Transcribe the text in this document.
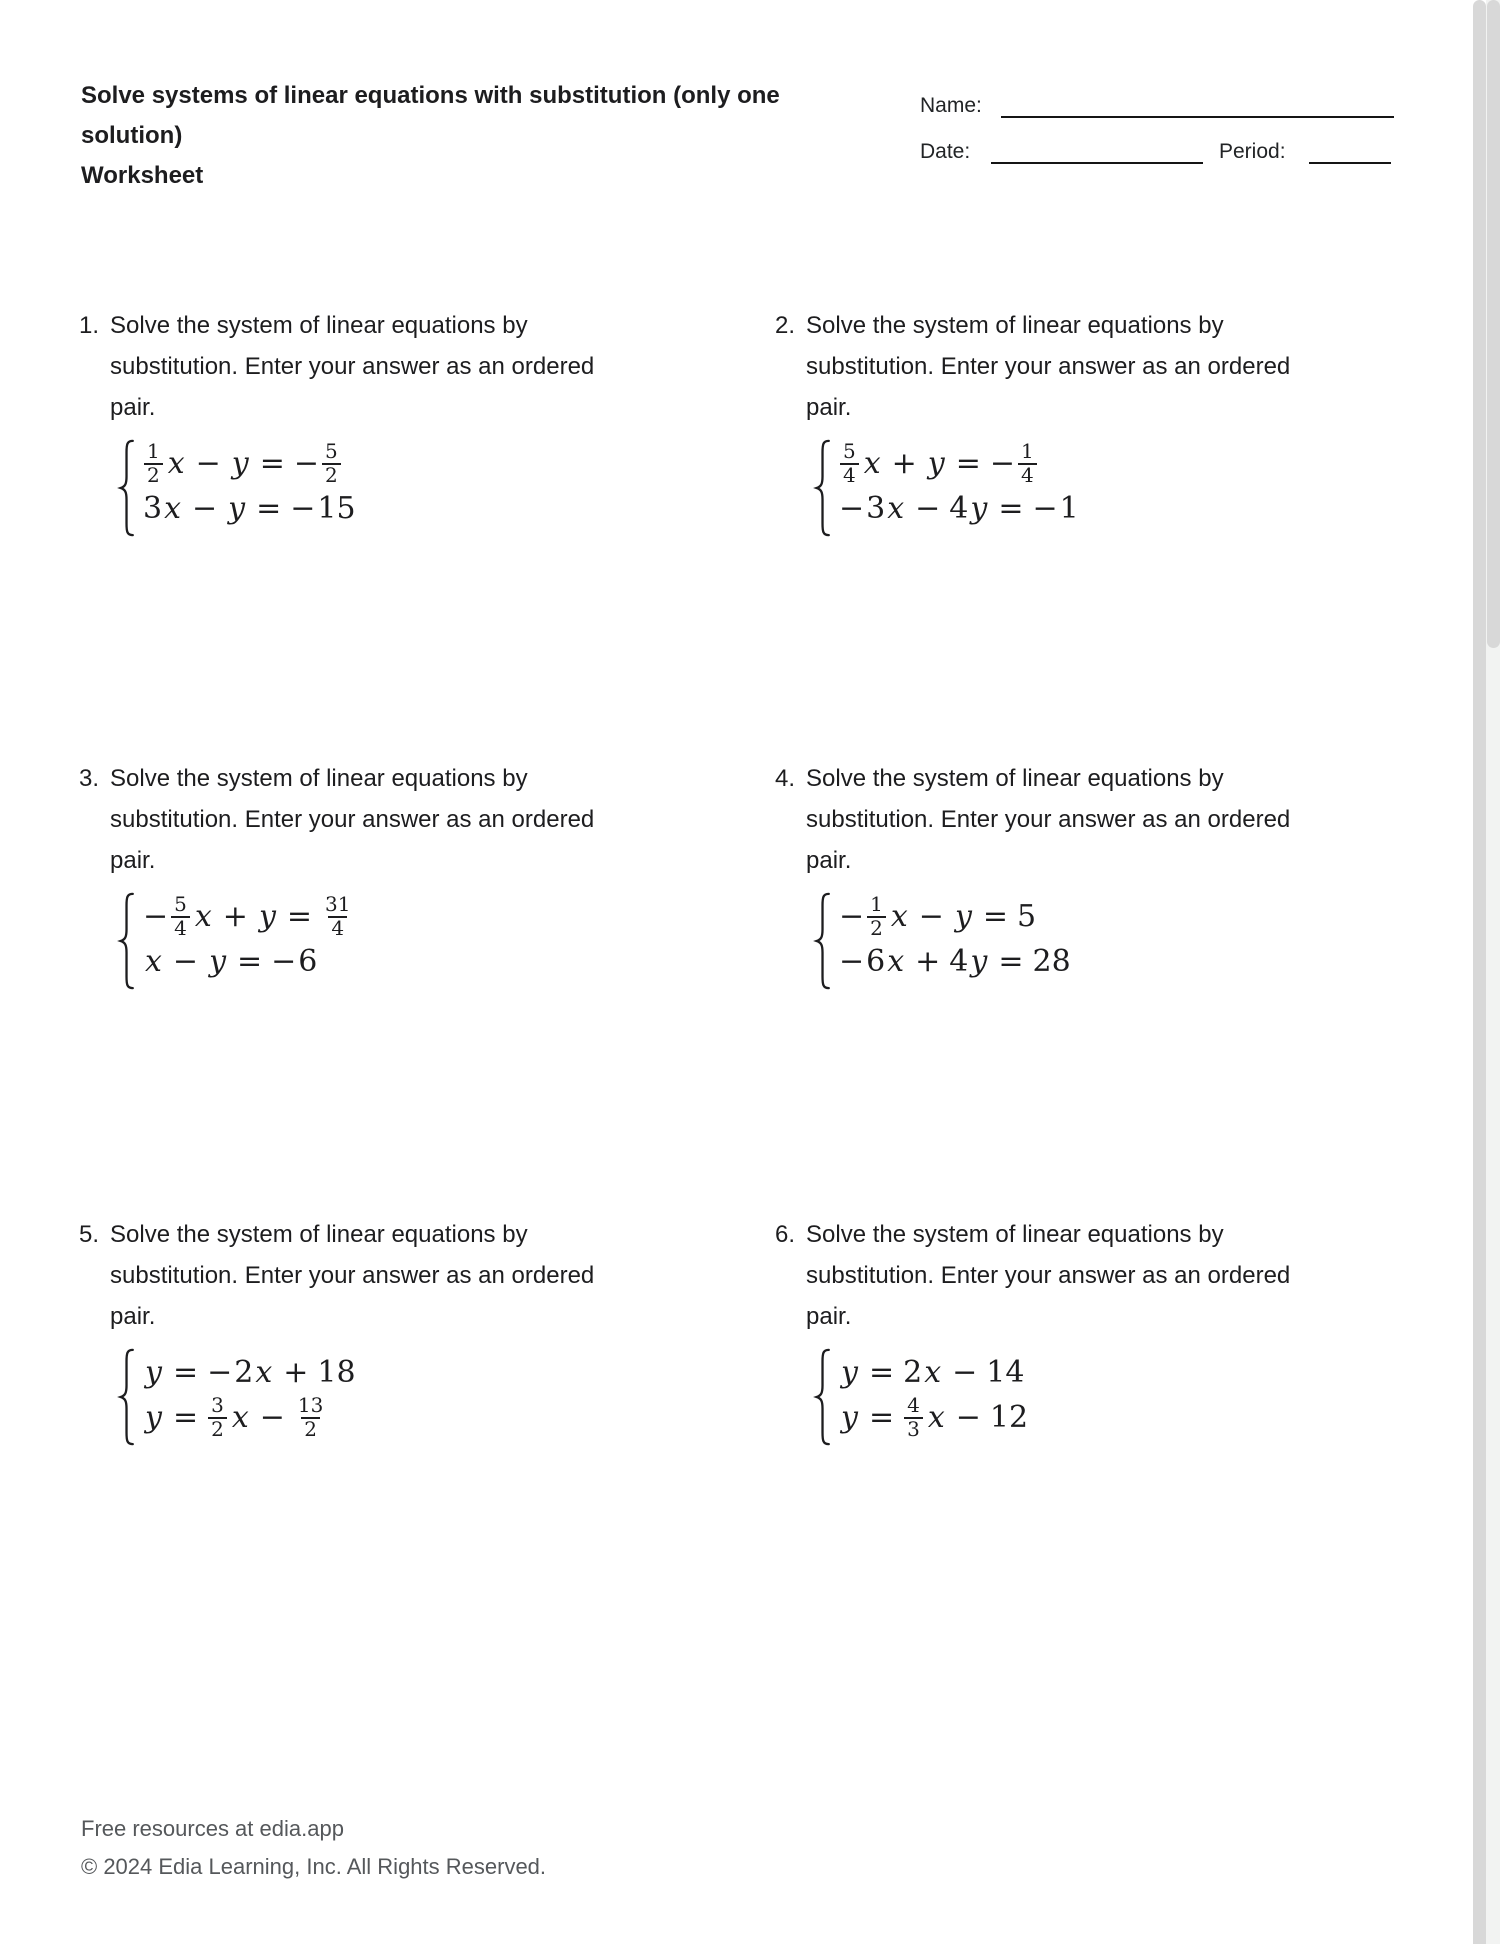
Solve systems of linear equations with substitution (only one
solution)
Worksheet
Name:
Date:	Period:
1. Solve the system of linear equations by
substitution. Enter your answer as an ordered
pair.
$\frac{1}{2}$ x − y = − $\frac{5}{2}$
3 x − y = − 15
2. Solve the system of linear equations by
substitution. Enter your answer as an ordered
pair.
$\frac{5}{4}$ x + y = − $\frac{1}{4}$
− 3 x − 4 y = − 1
3. Solve the system of linear equations by
substitution. Enter your answer as an ordered
pair.
− $\frac{5}{4}$ $x + y = \frac{31}{4}$
x − y = − 6
4. Solve the system of linear equations by
substitution. Enter your answer as an ordered
pair.
− $\frac{1}{2}$ x − y = 5
− 6 x + 4 y = 28
5. Solve the system of linear equations by
substitution. Enter your answer as an ordered
pair.
y = − 2 x + 18
$y = \frac{3}{2}$ $x - \frac{13}{2}$
6. Solve the system of linear equations by
substitution. Enter your answer as an ordered
pair.
y = 2 x − 14
$y = \frac{4}{3}$ x − 12
Free resources at edia.app
© 2024 Edia Learning, Inc. All Rights Reserved.
